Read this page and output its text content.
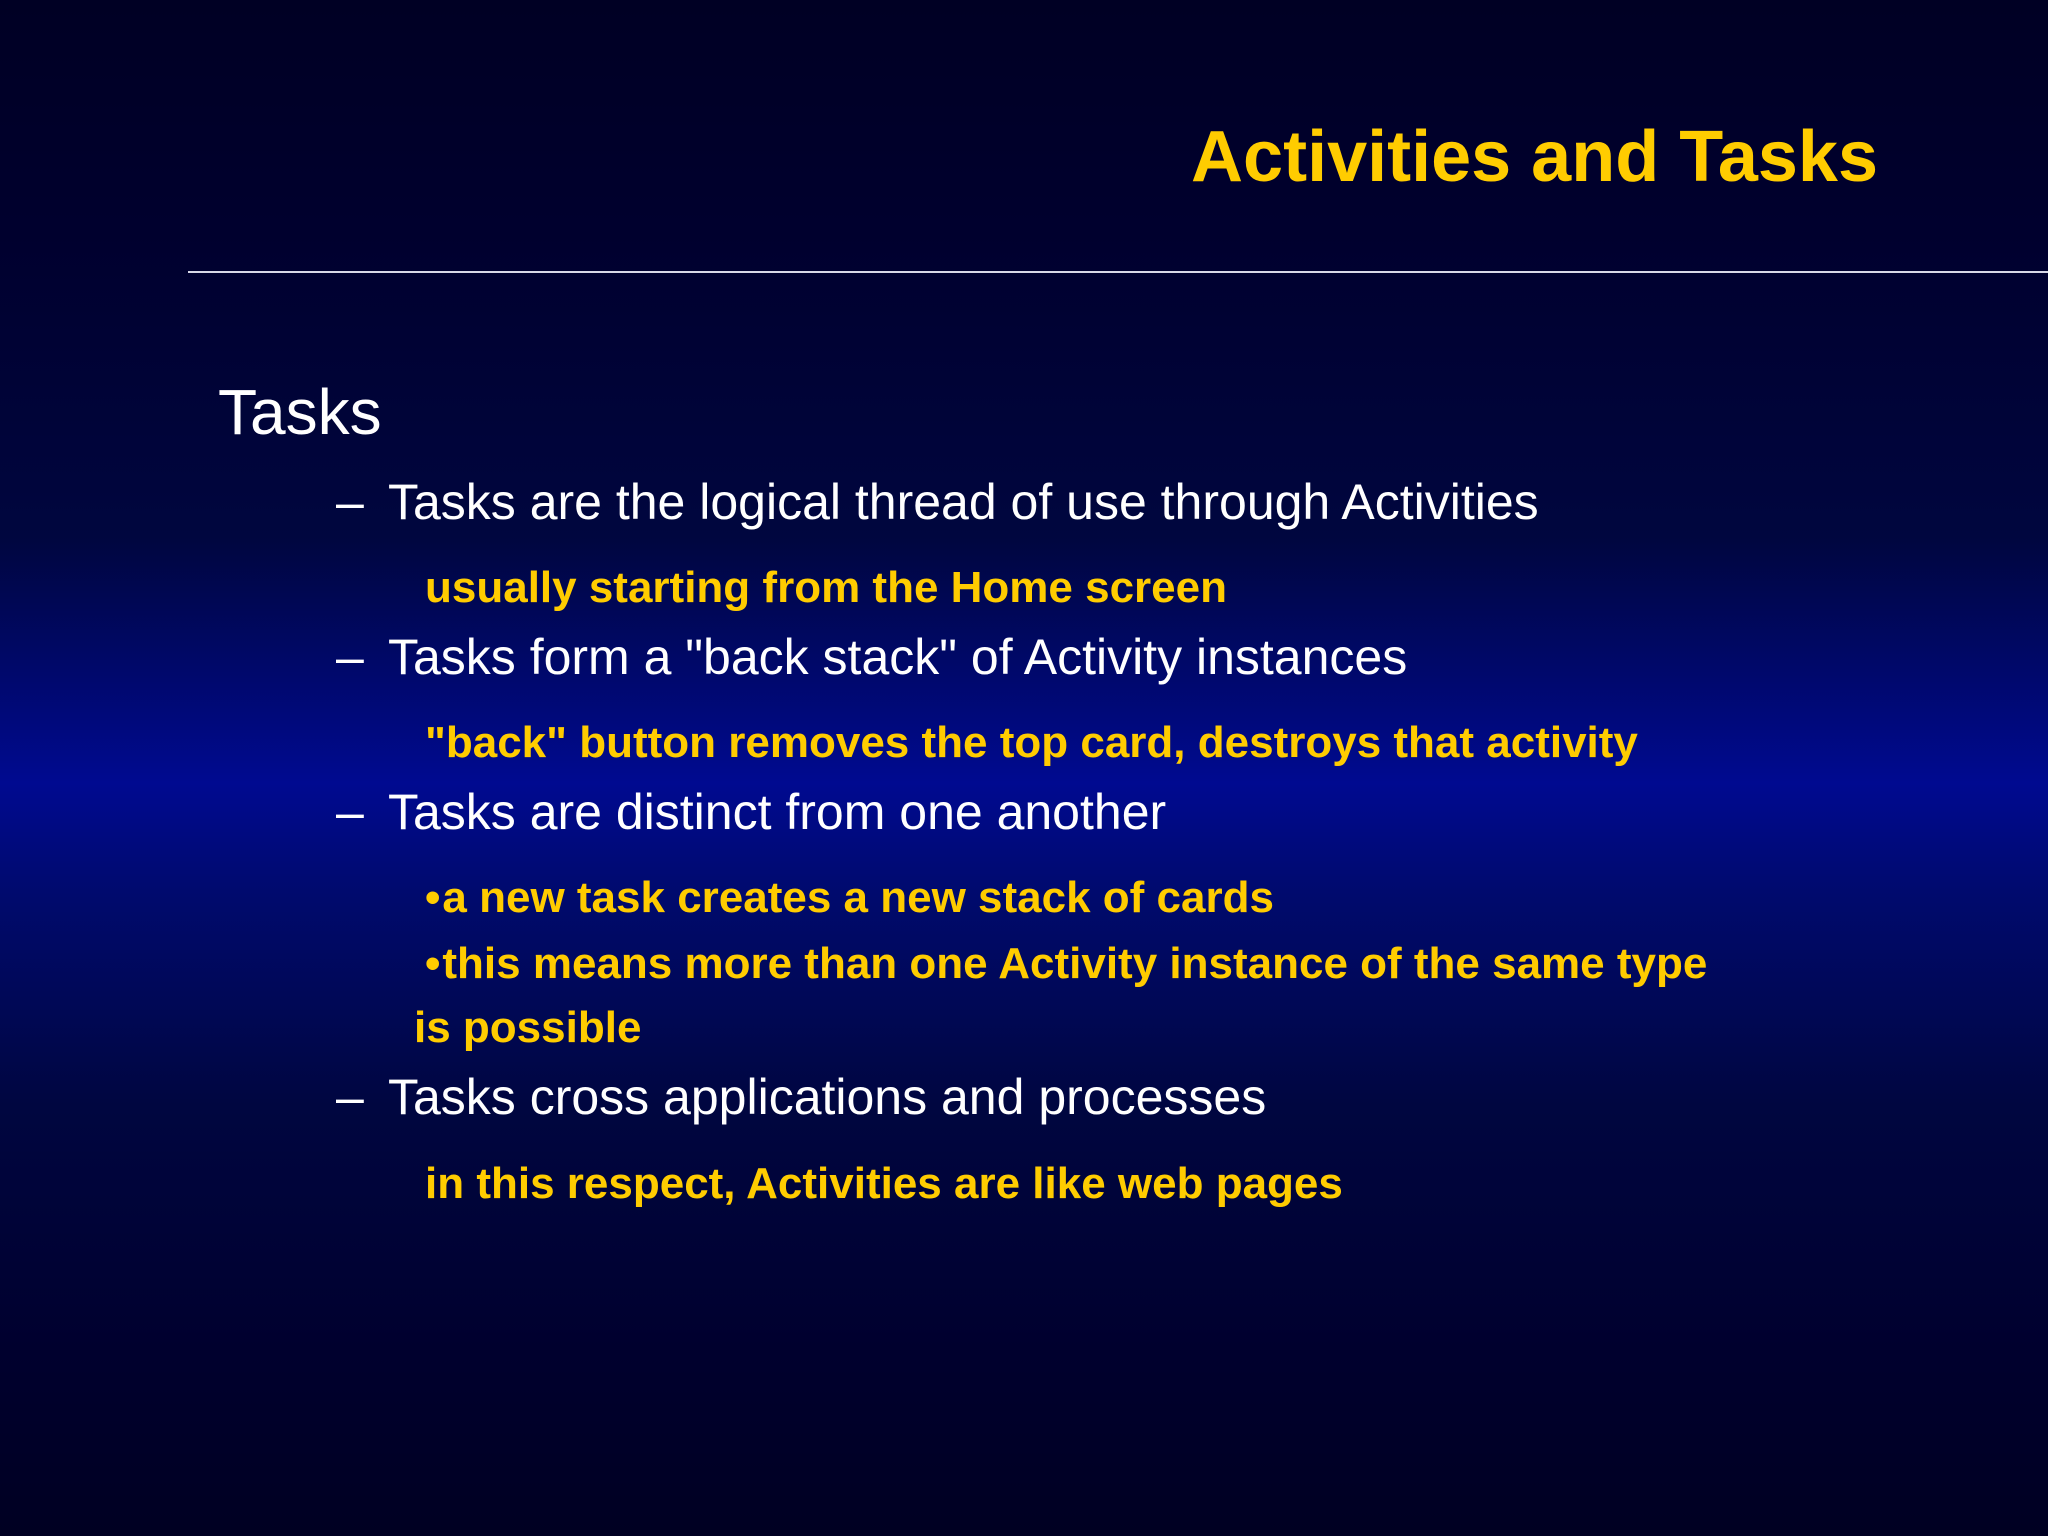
Activities and Tasks
Tasks
– Tasks are the logical thread of use through Activities
usually starting from the Home screen
– Tasks form a "back stack" of Activity instances
"back" button removes the top card, destroys that activity
– Tasks are distinct from one another
•a new task creates a new stack of cards
•this means more than one Activity instance of the same type
is possible
– Tasks cross applications and processes
in this respect, Activities are like web pages
